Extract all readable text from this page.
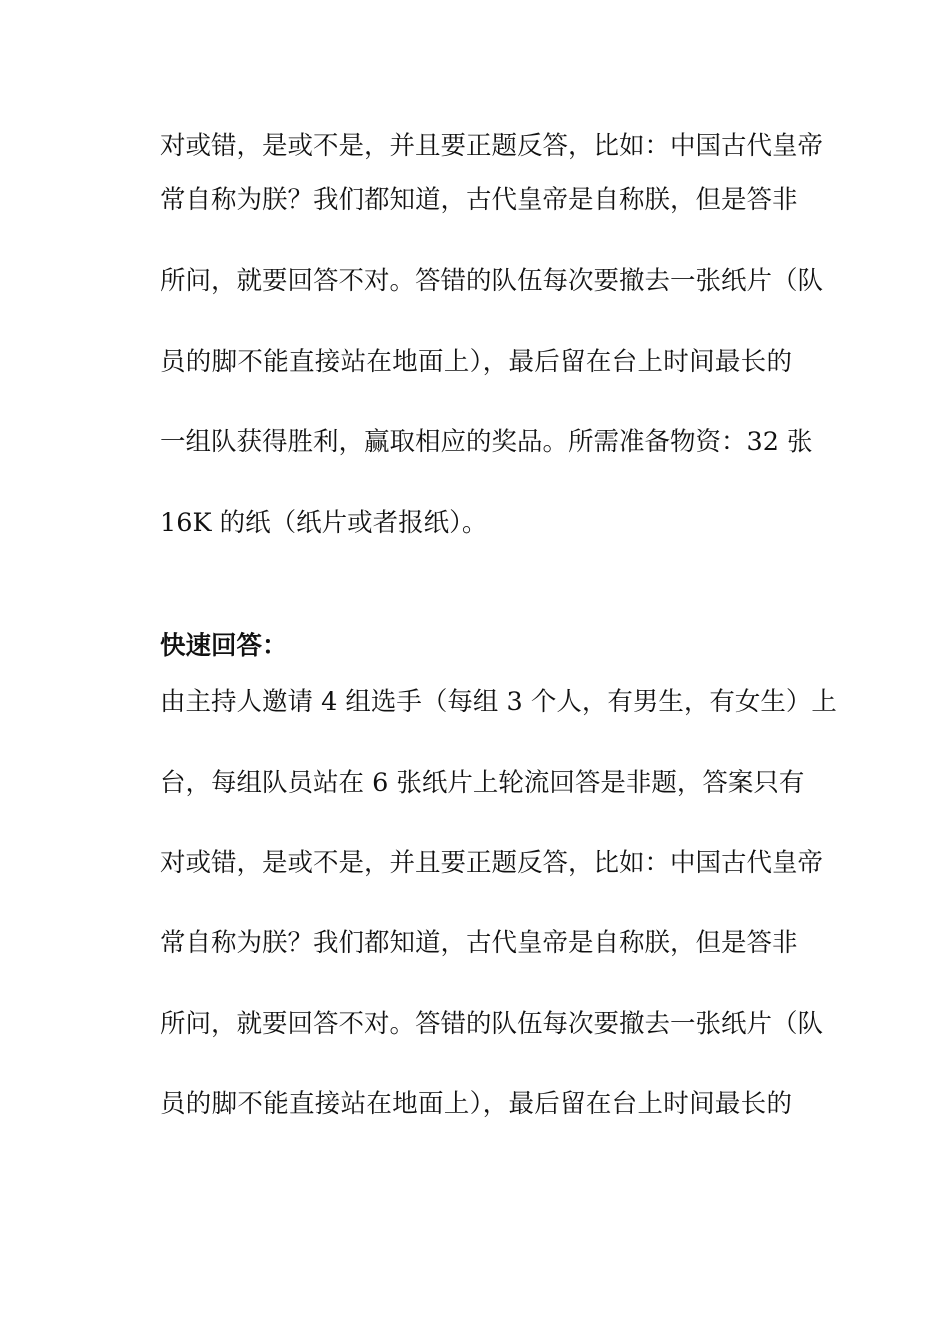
对或错，是或不是，并且要正题反答，比如：中国古代皇帝
常自称为朕？我们都知道，古代皇帝是自称朕，但是答非
所问，就要回答不对。答错的队伍每次要撤去一张纸片（队
员的脚不能直接站在地面上），最后留在台上时间最长的
一组队获得胜利，赢取相应的奖品。所需准备物资：32 张
16K 的纸（纸片或者报纸）。
快速回答：
由主持人邀请 4 组选手（每组 3 个人，有男生，有女生）上
台，每组队员站在 6 张纸片上轮流回答是非题，答案只有
对或错，是或不是，并且要正题反答，比如：中国古代皇帝
常自称为朕？我们都知道，古代皇帝是自称朕，但是答非
所问，就要回答不对。答错的队伍每次要撤去一张纸片（队
员的脚不能直接站在地面上），最后留在台上时间最长的
